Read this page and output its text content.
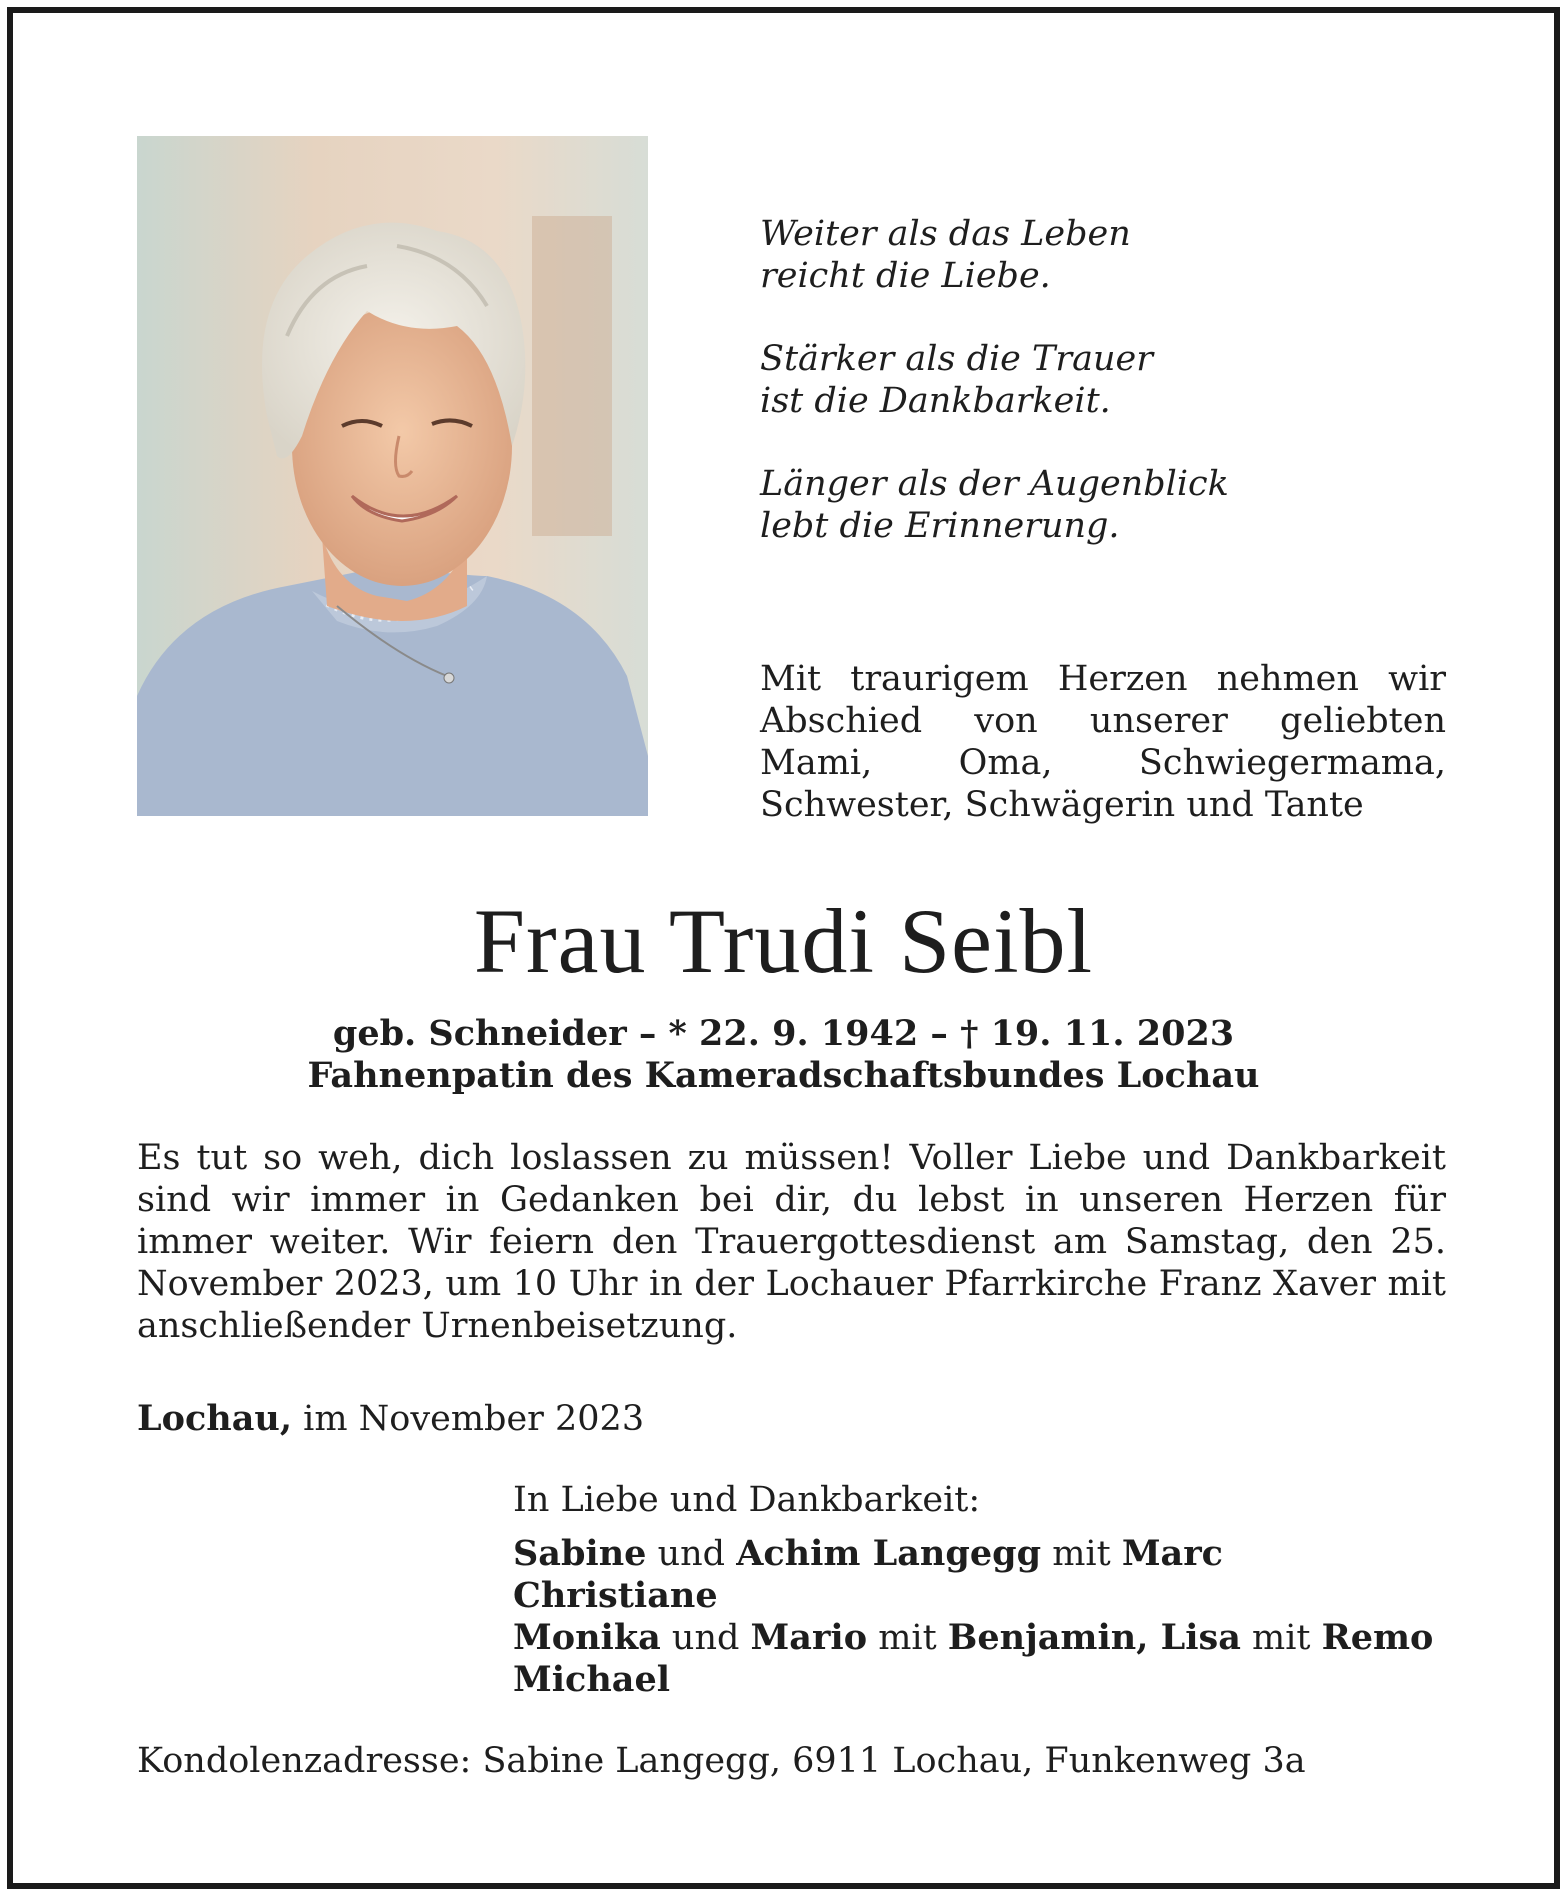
Weiter als das Leben
reicht die Liebe.
Stärker als die Trauer
ist die Dankbarkeit.
Länger als der Augenblick
lebt die Erinnerung.
Mit traurigem Herzen nehmen wir Abschied von unserer geliebten Mami, Oma, Schwiegermama, Schwester, Schwägerin und Tante
Frau Trudi Seibl
geb. Schneider – * 22. 9. 1942 – † 19. 11. 2023
Fahnenpatin des Kameradschaftsbundes Lochau
Es tut so weh, dich loslassen zu müssen! Voller Liebe und Dankbarkeit sind wir immer in Gedanken bei dir, du lebst in unseren Herzen für immer weiter. Wir feiern den Trauergottesdienst am Samstag, den 25. November 2023, um 10 Uhr in der Lochauer Pfarrkirche Franz Xaver mit anschließender Urnenbeisetzung.
Lochau, im November 2023
In Liebe und Dankbarkeit:
Sabine und Achim Langegg mit Marc
Christiane
Monika und Mario mit Benjamin, Lisa mit Remo
Michael
Kondolenzadresse: Sabine Langegg, 6911 Lochau, Funkenweg 3a
